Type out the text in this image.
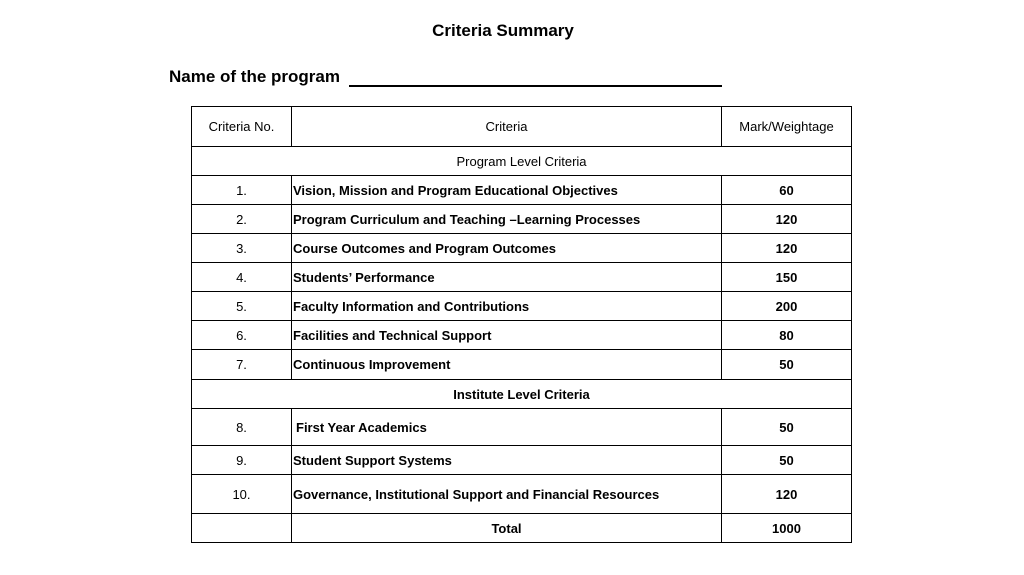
Criteria Summary
Name of the program
Criteria No.	Criteria	Mark/Weightage
Program Level Criteria		
1.	Vision, Mission and Program Educational Objectives	60
2.	Program Curriculum and Teaching –Learning Processes	120
3.	Course Outcomes and Program Outcomes	120
4.	Students’ Performance	150
5.	Faculty Information and Contributions	200
6.	Facilities and Technical Support	80
7.	Continuous Improvement	50
Institute Level Criteria		
8.	First Year Academics	50
9.	Student Support Systems	50
10.	Governance, Institutional Support and Financial Resources	120
	Total	1000
